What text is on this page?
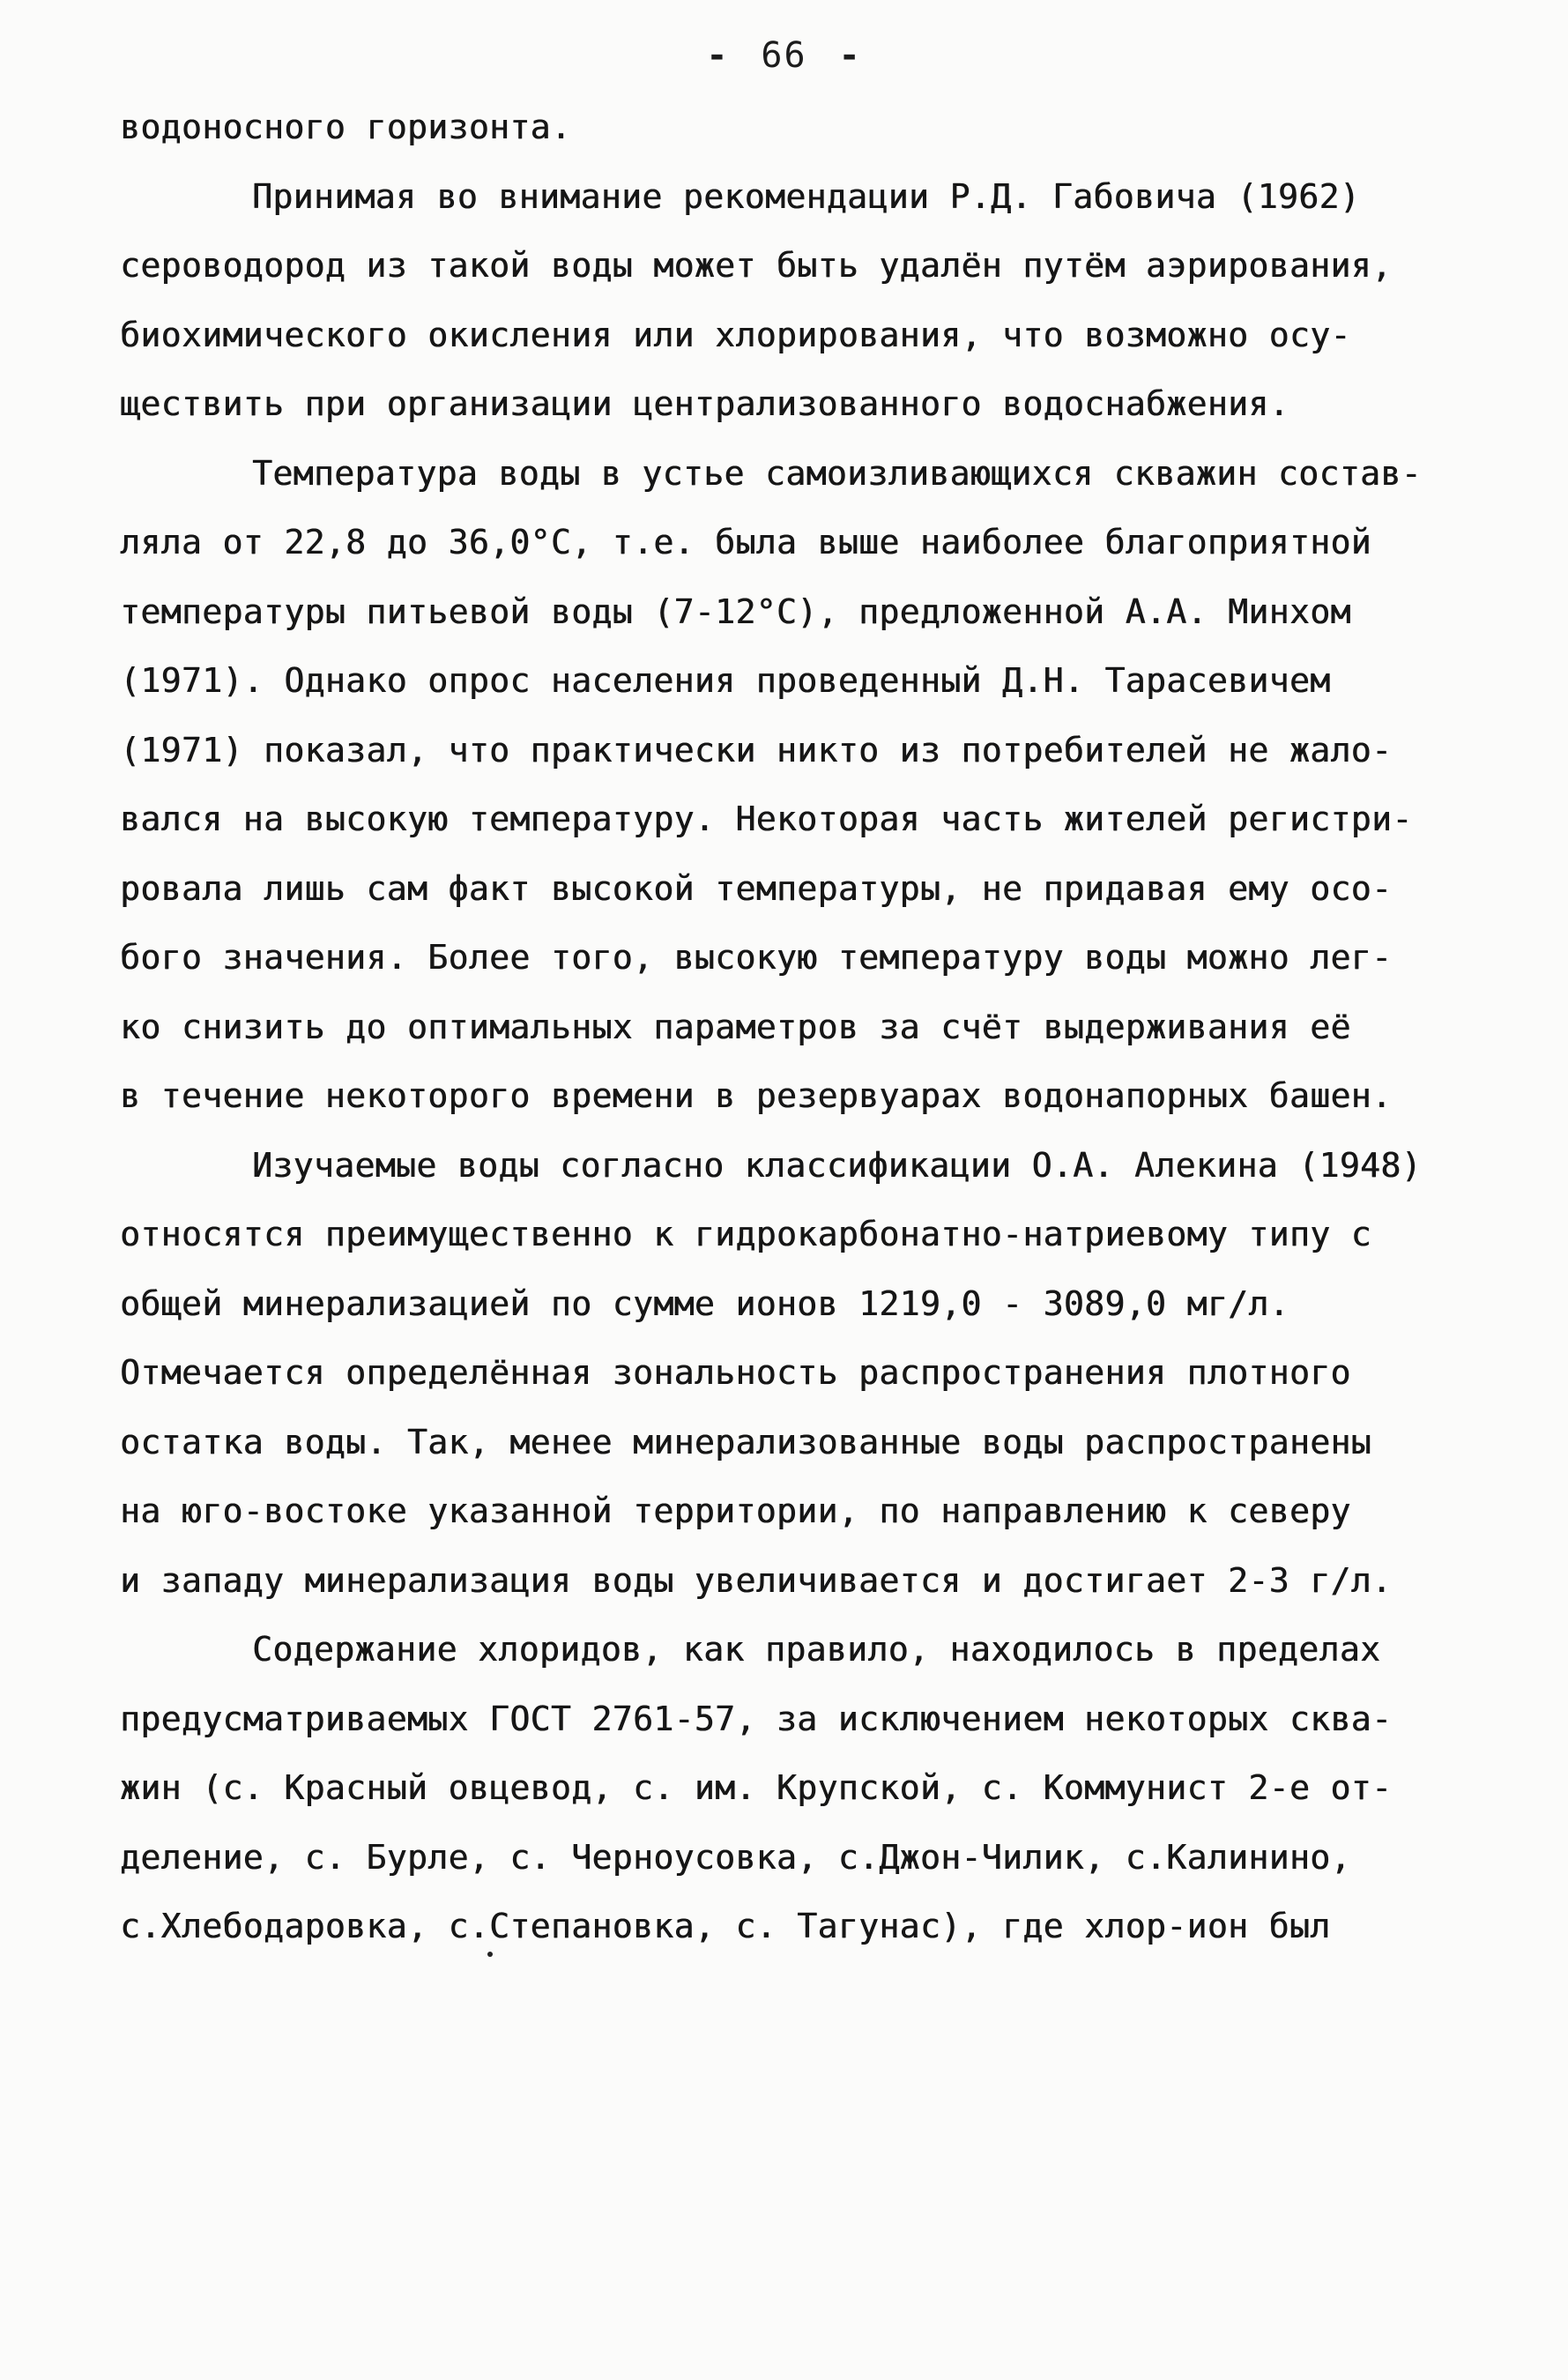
- 66 -
водоносного горизонта.
Принимая во внимание рекомендации Р.Д. Габовича (1962)
сероводород из такой воды может быть удалён путём аэрирования,
биохимического окисления или хлорирования, что возможно осу-
ществить при организации централизованного водоснабжения.
Температура воды в устье самоизливающихся скважин состав-
ляла от 22,8 до 36,0°С, т.е. была выше наиболее благоприятной
температуры питьевой воды (7-12°С), предложенной А.А. Минхом
(1971). Однако опрос населения проведенный Д.Н. Тарасевичем
(1971) показал, что практически никто из потребителей не жало-
вался на высокую температуру. Некоторая часть жителей регистри-
ровала лишь сам факт высокой температуры, не придавая ему осо-
бого значения. Более того, высокую температуру воды можно лег-
ко снизить до оптимальных параметров за счёт выдерживания её
в течение некоторого времени в резервуарах водонапорных башен.
Изучаемые воды согласно классификации О.А. Алекина (1948)
относятся преимущественно к гидрокарбонатно-натриевому типу с
общей минерализацией по сумме ионов 1219,0 - 3089,0 мг/л.
Отмечается определённая зональность распространения плотного
остатка воды. Так, менее минерализованные воды распространены
на юго-востоке указанной территории, по направлению к северу
и западу минерализация воды увеличивается и достигает 2-3 г/л.
Содержание хлоридов, как правило, находилось в пределах
предусматриваемых ГОСТ 2761-57, за исключением некоторых сква-
жин (с. Красный овцевод, с. им. Крупской, с. Коммунист 2-е от-
деление, с. Бурле, с. Черноусовка, с.Джон-Чилик, с.Калинино,
с.Хлебодаровка, с.Степановка, с. Тагунас), где хлор-ион был
